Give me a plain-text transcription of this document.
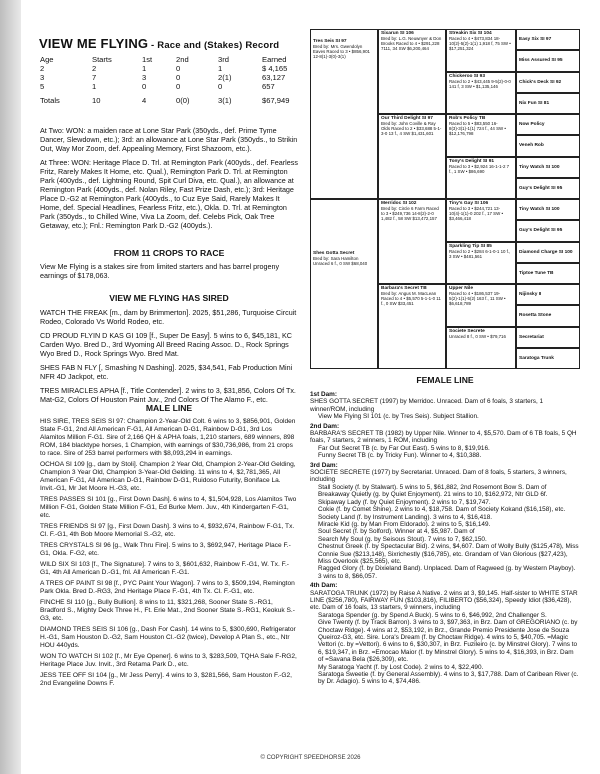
VIEW ME FLYING - Race and (Stakes) Record
Age	Starts	1st	2nd	3rd	Earned
2	2	1	0	1	$ 4,165
3	7	3	0	2(1)	63,127
5	1	0	0	0	657
Totals	10	4	0(0)	3(1)	$67,949

At Two: WON: a maiden race at Lone Star Park (350yds., def. Prime Tyme Dancer, Slewdown, etc.); 3rd: an allowance at Lone Star Park (350yds., to Strikin Out, Way Mor Zoom, def. Appealing Memory, First Shazoom, etc.).

At Three: WON: Heritage Place D. Trl. at Remington Park (400yds., def. Fearless Fritz, Rarely Makes It Home, etc. Qual.), Remington Park D. Trl. at Remington Park (400yds., def. Lightning Round, Spit Curl Diva, etc. Qual.), an allowance at Remington Park (400yds., def. Nolan Riley, Fast Prize Dash, etc.); 3rd: Heritage Place D.-G2 at Remington Park (400yds., to Cuz Eye Said, Rarely Makes It Home, def. Special Headlines, Fearless Fritz, etc.), Okla. D. Trl. at Remington Park (350yds., to Chilled Wine, Viva La Zoom, def. Celebs Pick, Oak Tree Getaway, etc.); Fnl.: Remington Park D.-G2 (400yds.).

FROM 11 CROPS TO RACE
View Me Flying is a stakes sire from limited starters and has barrel progeny earnings of $178,063.
VIEW ME FLYING HAS SIRED

WATCH THE FREAK [m., dam by Brimmerton]. 2025, $51,286, Turquoise Circuit Rodeo, Colorado Vs World Rodeo, etc.

CD PROUD FLYIN D KAS GI 109 [f., Super De Easy]. 5 wins to 6, $45,181, KC Carden Wyo. Bred D., 3rd Wyoming All Breed Racing Assoc. D., Rock Springs Wyo Bred D., Rock Springs Wyo. Bred Mat.

SHES FAB N FLY [, Smashing N Dashing]. 2025, $34,541, Fab Production Mini NFR 4D Jackpot, etc.

TRES MIRACLES APHA [f., Title Contender]. 2 wins to 3, $31,856, Colors Of Tx. Mat-G2, Colors Of Houston Paint Juv., 2nd Colors Of The Alamo F., etc.

MALE LINE

HIS SIRE, TRES SEIS SI 97: Champion 2-Year-Old Colt. 6 wins to 3, $856,901, Golden State F-G1, 2nd All American F-G1, All American D-G1, Rainbow D-G1, 3rd Los Alamitos Million F-G1. Sire of 2,166 QH & APHA foals, 1,210 starters, 689 winners, 898 ROM, 184 blacktype horses, 1 Champion, with earnings of $30,736,986, from 21 crops to race. Sire of 253 barrel performers with $8,093,294 in earnings.

OCHOA SI 109 [g., dam by Stoli]. Champion 2 Year Old, Champion 2-Year-Old Gelding, Champion 3 Year Old, Champion 3-Year-Old Gelding. 11 wins to 4, $2,781,365, All American F-G1, All American D-G1, Rainbow D-G1, Ruidoso Futurity, Boniface La. Invit.-G1, Mr Jet Moore H.-G3, etc.

TRES PASSES SI 101 [g., First Down Dash]. 6 wins to 4, $1,504,928, Los Alamitos Two Million F-G1, Golden State Million F-G1, Ed Burke Mem. Juv., 4th Kindergarten F-G1, etc.

TRES FRIENDS SI 97 [g., First Down Dash]. 3 wins to 4, $932,674, Rainbow F-G1, Tx. Cl. F.-G1, 4th Bob Moore Memorial S.-G2, etc.

TRES CRYSTALS SI 96 [g., Walk Thru Fire]. 5 wins to 3, $692,947, Heritage Place F.-G1, Okla. F-G2, etc.

WILD SIX SI 103 [f., The Signature]. 7 wins to 3, $601,632, Rainbow F.-G1, W. Tx. F.-G1, 4th All American D.-G1, fnl. All American F.-G1.

A TRES OF PAINT SI 98 [f., PYC Paint Your Wagon]. 7 wins to 3, $509,194, Remington Park Okla. Bred D.-RG3, 2nd Heritage Place F.-G1, 4th Tx. Cl. F.-G1, etc.

FINCHE SI 110 [g., Bully Bullion]. 8 wins to 11, $321,268, Sooner State S.-RG1, Bradford S., Mighty Deck Three H., Ft. Erie Mat., 2nd Sooner State S.-RG1, Keokuk S.-G3, etc.

DIAMOND TRES SEIS SI 106 [g., Dash For Cash]. 14 wins to 5, $300,690, Refrigerator H.-G1, Sam Houston D.-G2, Sam Houston Cl.-G2 (twice), Develop A Plan S., etc., Ntr HOU 440yds.

WON TO WATCH SI 102 [f., Mr Eye Opener]. 6 wins to 3, $283,509, TQHA Sale F-RG2, Heritage Place Juv. Invit., 3rd Retama Park D., etc.

JESS TEE OFF SI 104 [g., Mr Jess Perry]. 4 wins to 3, $281,566, Sam Houston F.-G2, 2nd Evangeline Downs F.

Tres Seis SI 97
Bred by: Mrs. Gwendolyn Eaves Raced to 3 • $856,901 12-8(1)-3(0)-3(1)
Shes Gotta Secret
Bred by: Sara Hamilton Unraced 6 f., 0 SW $68,040
Sixarun SI 106
Bred by: L.G. Neuwnyer & Don Brooks Raced to 4 • $291,228 7111, 34 SW $6,200,464
Our Third Delight SI 97
Bred by: John Coville & Ray Olds Raced to 2 • $33,688 5-1-3-0 13 f., 4 SW $1,431,601
Merridoc SI 102
Bred by: Circle 6 Farm Raced to 3 • $249,736 14-8(2)-2-0 1,482 f., 58 SW $13,472,157
Barbara's Secret TB
Bred by: Angus M. MacLean Raced to 4 • $5,570 5-1-1-0 11 f., 0 SW $33,451
Streakin Six SI 104
Raced to 4 • $473,834 18-10(2)-5(2)-1(1) 1,918 f, 75 SW • $17,251,324
Chickeroo SI 93
Raced to 2 • $43,445 9-5(2)-0-0 141 f, 3 SW • $1,135,146
Rob's Policy TB
Raced to 5 • $83,550 16-8(3)-3(1)-1(1) 724 f., 44 SW • $12,176,798
Tony's Delight SI 91
Raced to 3 • $2,924 16-1-1-2 7 f., 1 SW • $86,690
Tiny's Gay SI 106
Raced to 3 • $244,721 13-10(4)-1(1)-0 202 f., 17 SW • $3,466,418
Sparkling Tip SI 85
Raced to 2 • $284 6-1-0-1 10 f., 3 SW • $481,561
Upper Nile
Raced to 4 • $186,537 19-5(2)-1(1)-5(2) 163 f., 11 SW • $6,618,789
Societe Secrete
Unraced 8 f., 0 SW • $79,716
Easy Six SI 97
Miss Assured SI 95
Chick's Deck SI 92
Nix Fun SI 81
Now Policy
Veneh Rob
Tiny Watch SI 100
Guy's Delight SI 95
Tiny Watch SI 100
Guy's Delight SI 95
Diamond Charge SI 100
Tiptoe Tune TB
Nijinsky II
Rosetta Stone
Secretariat
Saratoga Trunk
FEMALE LINE
1st Dam:
SHES GOTTA SECRET (1997) by Merridoc. Unraced. Dam of 6 foals, 3 starters, 1 winner/ROM, including
View Me Flying SI 101 (c. by Tres Seis). Subject Stallion.
2nd Dam:
BARBARA'S SECRET TB (1982) by Upper Nile. Winner to 4, $5,570. Dam of 6 TB foals, 5 QH foals, 7 starters, 2 winners, 1 ROM, including
Far Out Secret TB (c. by Far Out East). 5 wins to 8, $19,916.
Funny Secret TB (c. by Tricky Fun). Winner to 4, $10,388.
3rd Dam:
SOCIETE SECRETE (1977) by Secretariat. Unraced. Dam of 8 foals, 5 starters, 3 winners, including
Stall Society (f. by Stalwart). 5 wins to 5, $61,882, 2nd Rosemont Bow S. Dam of
Breakaway Quietly (g. by Quiet Enjoyment). 21 wins to 10, $162,972, Ntr GLD 6f.
Skipaway Lady (f. by Quiet Enjoyment). 2 wins to 7, $19,747.
Cokie (f. by Comet Shine). 2 wins to 4, $18,758. Dam of Society Kokand ($16,158), etc.
Society Land (f. by Instrument Landing). 3 wins to 4, $16,418.
Miracle Kid (g. by Man From Eldorado). 2 wins to 5, $16,149.
Soul Secret (f. by Solford). Winner at 4, $5,987. Dam of
Search My Soul (g. by Seisous Stout). 7 wins to 7, $62,150.
Chestnut Greek (f. by Spectacular Bid). 2 wins, $4,607. Dam of Wolly Bully ($125,478), Miss Connie Sue ($213,148), Sixrichestly ($16,785), etc. Grandam of Van Glorious ($27,423), Miss Overlook ($25,565), etc.
Ragged Glory (f. by Dixieland Band). Unplaced. Dam of Ragweed (g. by Western Playboy). 3 wins to 8, $66,057.
4th Dam:
SARATOGA TRUNK (1972) by Raise A Native. 2 wins at 3, $9,145. Half-sister to WHITE STAR LINE ($256,780), FAIRWAY FUN ($103,816), FILIBERTO ($56,324), Speedy Idiot ($36,428), etc. Dam of 16 foals, 13 starters, 9 winners, including
Saratoga Spender (g. by Spend A Buck). 5 wins to 6, $46,992, 2nd Challenger S.
Give Twenty (f. by Track Barron). 3 wins to 3, $97,363, in Brz. Dam of GREGORIANO (c. by Choctaw Ridge). 4 wins at 2, $53,192, in Brz., Grande Premio Presidente Jose de Souza Queiroz-G3, etc. Sire. Lora's Dream (f. by Choctaw Ridge). 4 wins to 5, $40,705. =Magic Vettori (c. by =Vettori). 6 wins to 6, $30,307, in Brz. Fuzileiro (c. by Minstrel Glory). 7 wins to 6, $19,347, in Brz. =Emocao Maior (f. by Minstrel Glory). 5 wins to 4, $16,393, in Brz. Dam of =Savana Bela ($26,309), etc.
My Saratoga Yacht (f. by Lost Code). 2 wins to 4, $22,490.
Saratoga Sweetie (f. by General Assembly). 4 wins to 3, $17,788. Dam of Caribean River (c. by Dr. Adagio). 5 wins to 4, $74,486.
© COPYRIGHT SPEEDHORSE 2026
